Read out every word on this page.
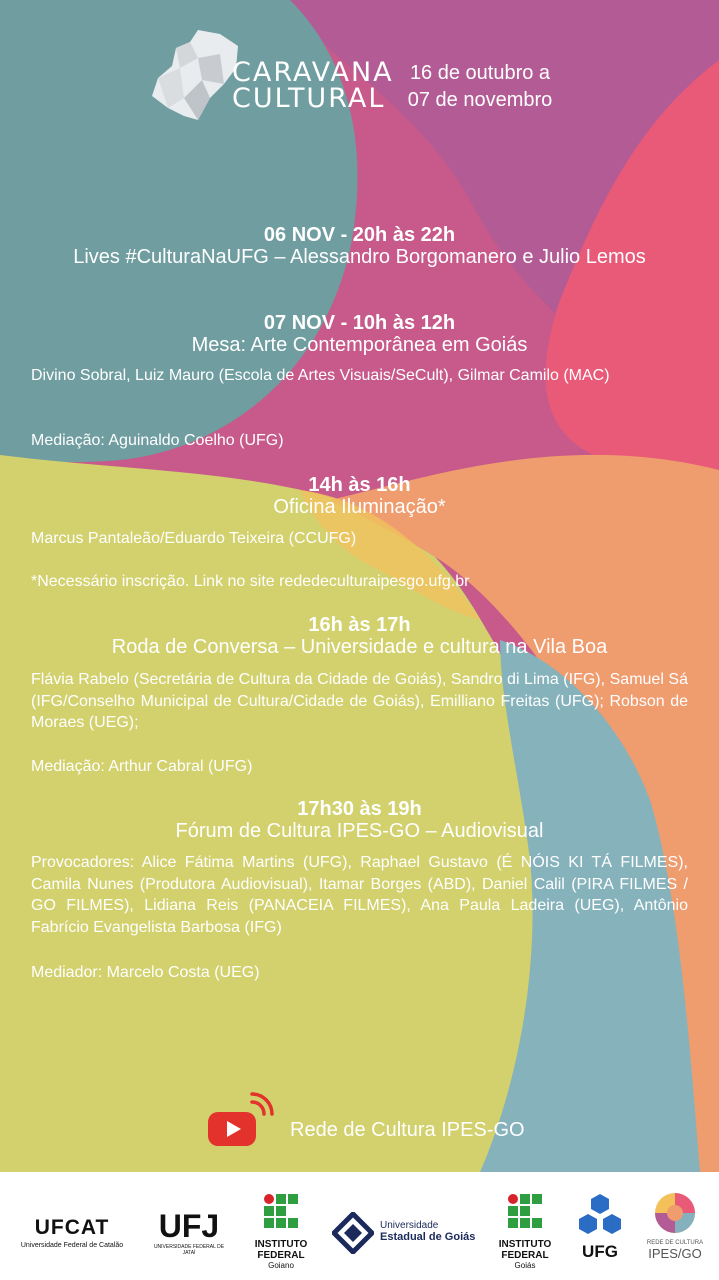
CARAVANA
CULTURAL
16 de outubro a
07 de novembro
06 NOV - 20h às 22h
Lives #CulturaNaUFG – Alessandro Borgomanero e Julio Lemos
07 NOV - 10h às 12h
Mesa: Arte Contemporânea em Goiás
Divino Sobral, Luiz Mauro (Escola de Artes Visuais/SeCult), Gilmar Camilo (MAC)
Mediação: Aguinaldo Coelho (UFG)
14h às 16h
Oficina Iluminação*
Marcus Pantaleão/Eduardo Teixeira (CCUFG)
*Necessário inscrição. Link no site rededeculturaipesgo.ufg.br
16h às 17h
Roda de Conversa – Universidade e cultura na Vila Boa
Flávia Rabelo (Secretária de Cultura da Cidade de Goiás), Sandro di Lima (IFG), Samuel Sá (IFG/Conselho Municipal de Cultura/Cidade de Goiás), Emilliano Freitas (UFG); Robson de Moraes (UEG);
Mediação: Arthur Cabral (UFG)
17h30 às 19h
Fórum de Cultura IPES-GO – Audiovisual
Provocadores: Alice Fátima Martins (UFG), Raphael Gustavo (É NÓIS KI TÁ FILMES), Camila Nunes (Produtora Audiovisual), Itamar Borges (ABD), Daniel Calil (PIRA FILMES / GO FILMES), Lidiana Reis (PANACEIA FILMES), Ana Paula Ladeira (UEG), Antônio Fabrício Evangelista Barbosa (IFG)
Mediador: Marcelo Costa (UEG)
Rede de Cultura IPES-GO
UFCAT
Universidade Federal de Catalão
UFJ
UNIVERSIDADE FEDERAL DE JATAÍ
INSTITUTO
FEDERAL
Goiano
Universidade
Estadual de Goiás
INSTITUTO
FEDERAL
Goiás
UFG	REDE DE CULTURA
IPES/GO
